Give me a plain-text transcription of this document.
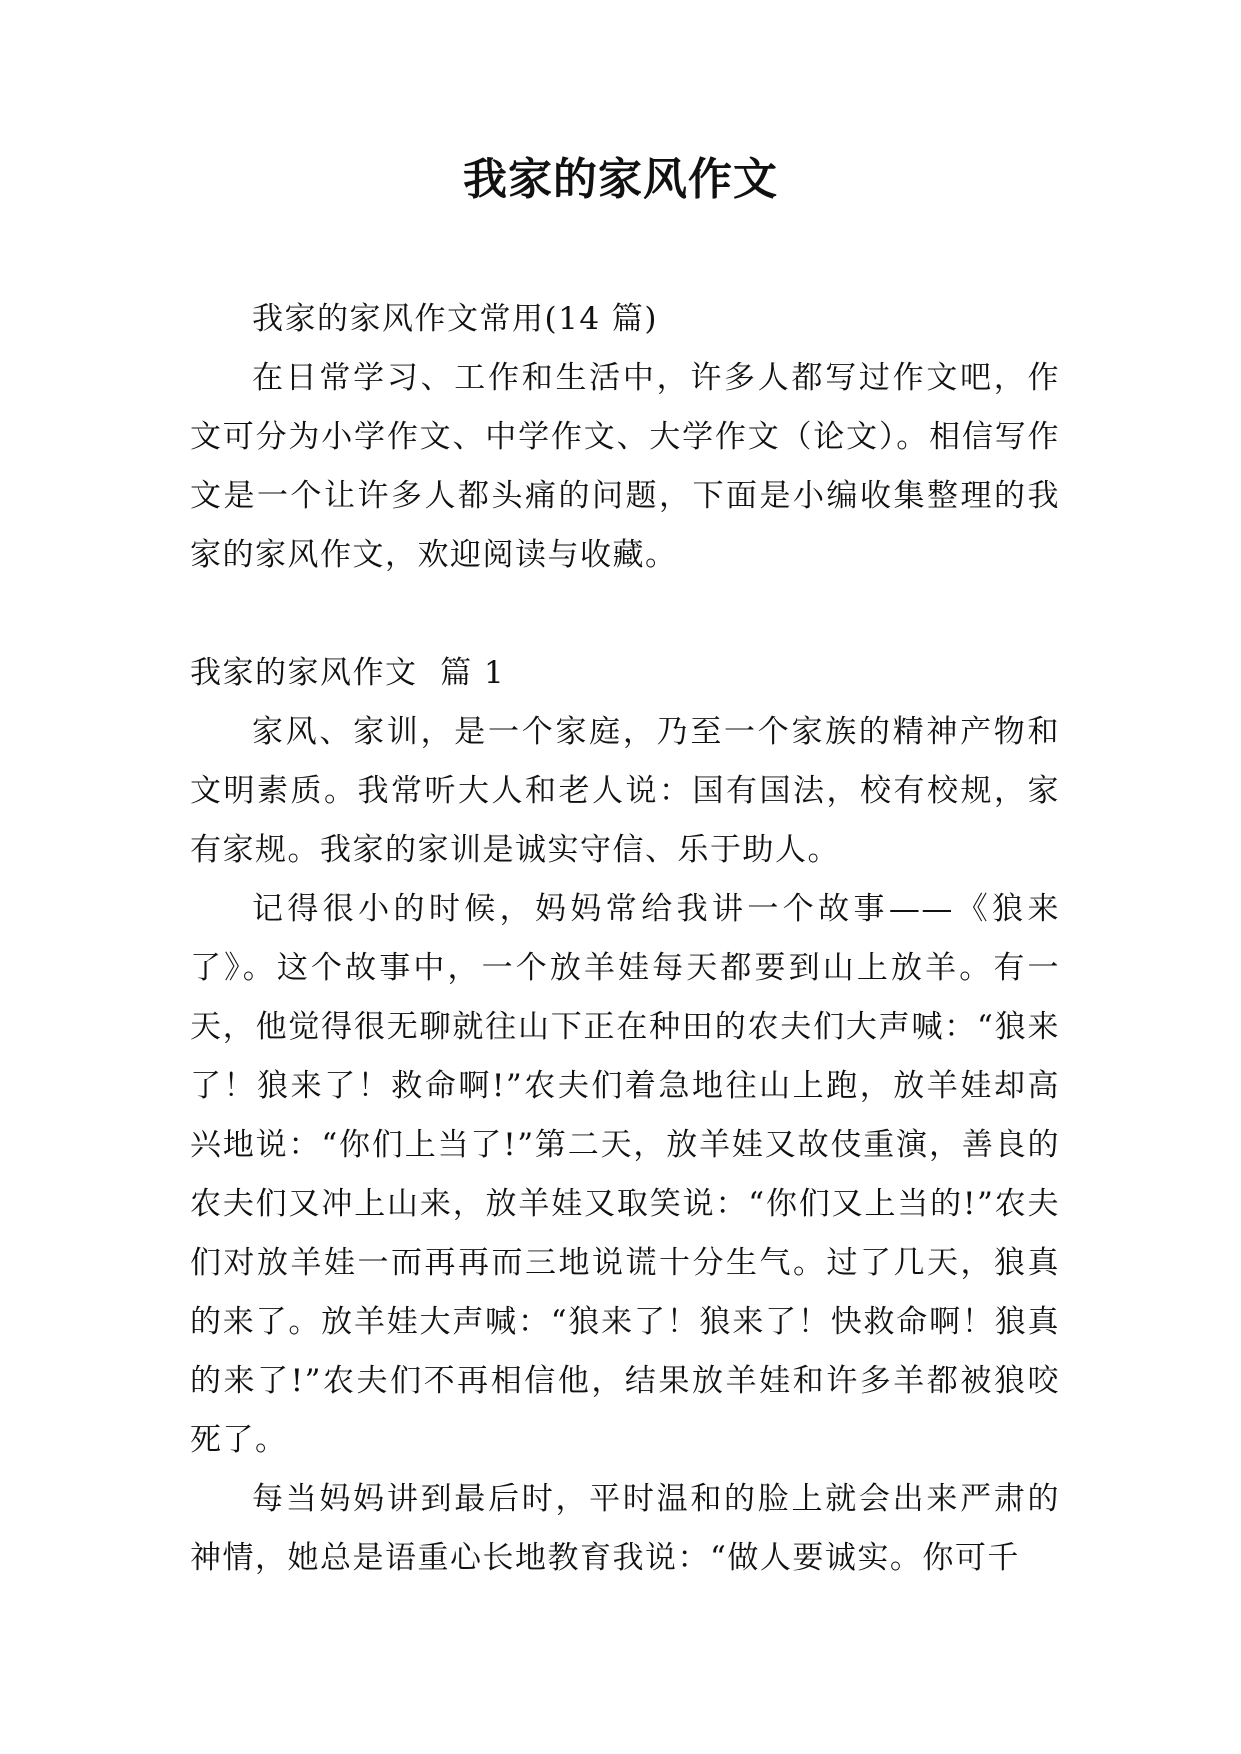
我家的家风作文

我家的家风作文常用(14 篇)

在日常学习、工作和生活中，许多人都写过作文吧，作文可分为小学作文、中学作文、大学作文（论文）。相信写作文是一个让许多人都头痛的问题，下面是小编收集整理的我家的家风作文，欢迎阅读与收藏。

我家的家风作文  篇 1

家风、家训，是一个家庭，乃至一个家族的精神产物和文明素质。我常听大人和老人说：国有国法，校有校规，家有家规。我家的家训是诚实守信、乐于助人。

记得很小的时候，妈妈常给我讲一个故事——《狼来了》。这个故事中，一个放羊娃每天都要到山上放羊。有一天，他觉得很无聊就往山下正在种田的农夫们大声喊：“狼来了！狼来了！救命啊!”农夫们着急地往山上跑，放羊娃却高兴地说：“你们上当了!”第二天，放羊娃又故伎重演，善良的农夫们又冲上山来，放羊娃又取笑说：“你们又上当的!”农夫们对放羊娃一而再再而三地说谎十分生气。过了几天，狼真的来了。放羊娃大声喊：“狼来了！狼来了！快救命啊！狼真的来了!”农夫们不再相信他，结果放羊娃和许多羊都被狼咬死了。

每当妈妈讲到最后时，平时温和的脸上就会出来严肃的神情，她总是语重心长地教育我说：“做人要诚实。你可千
